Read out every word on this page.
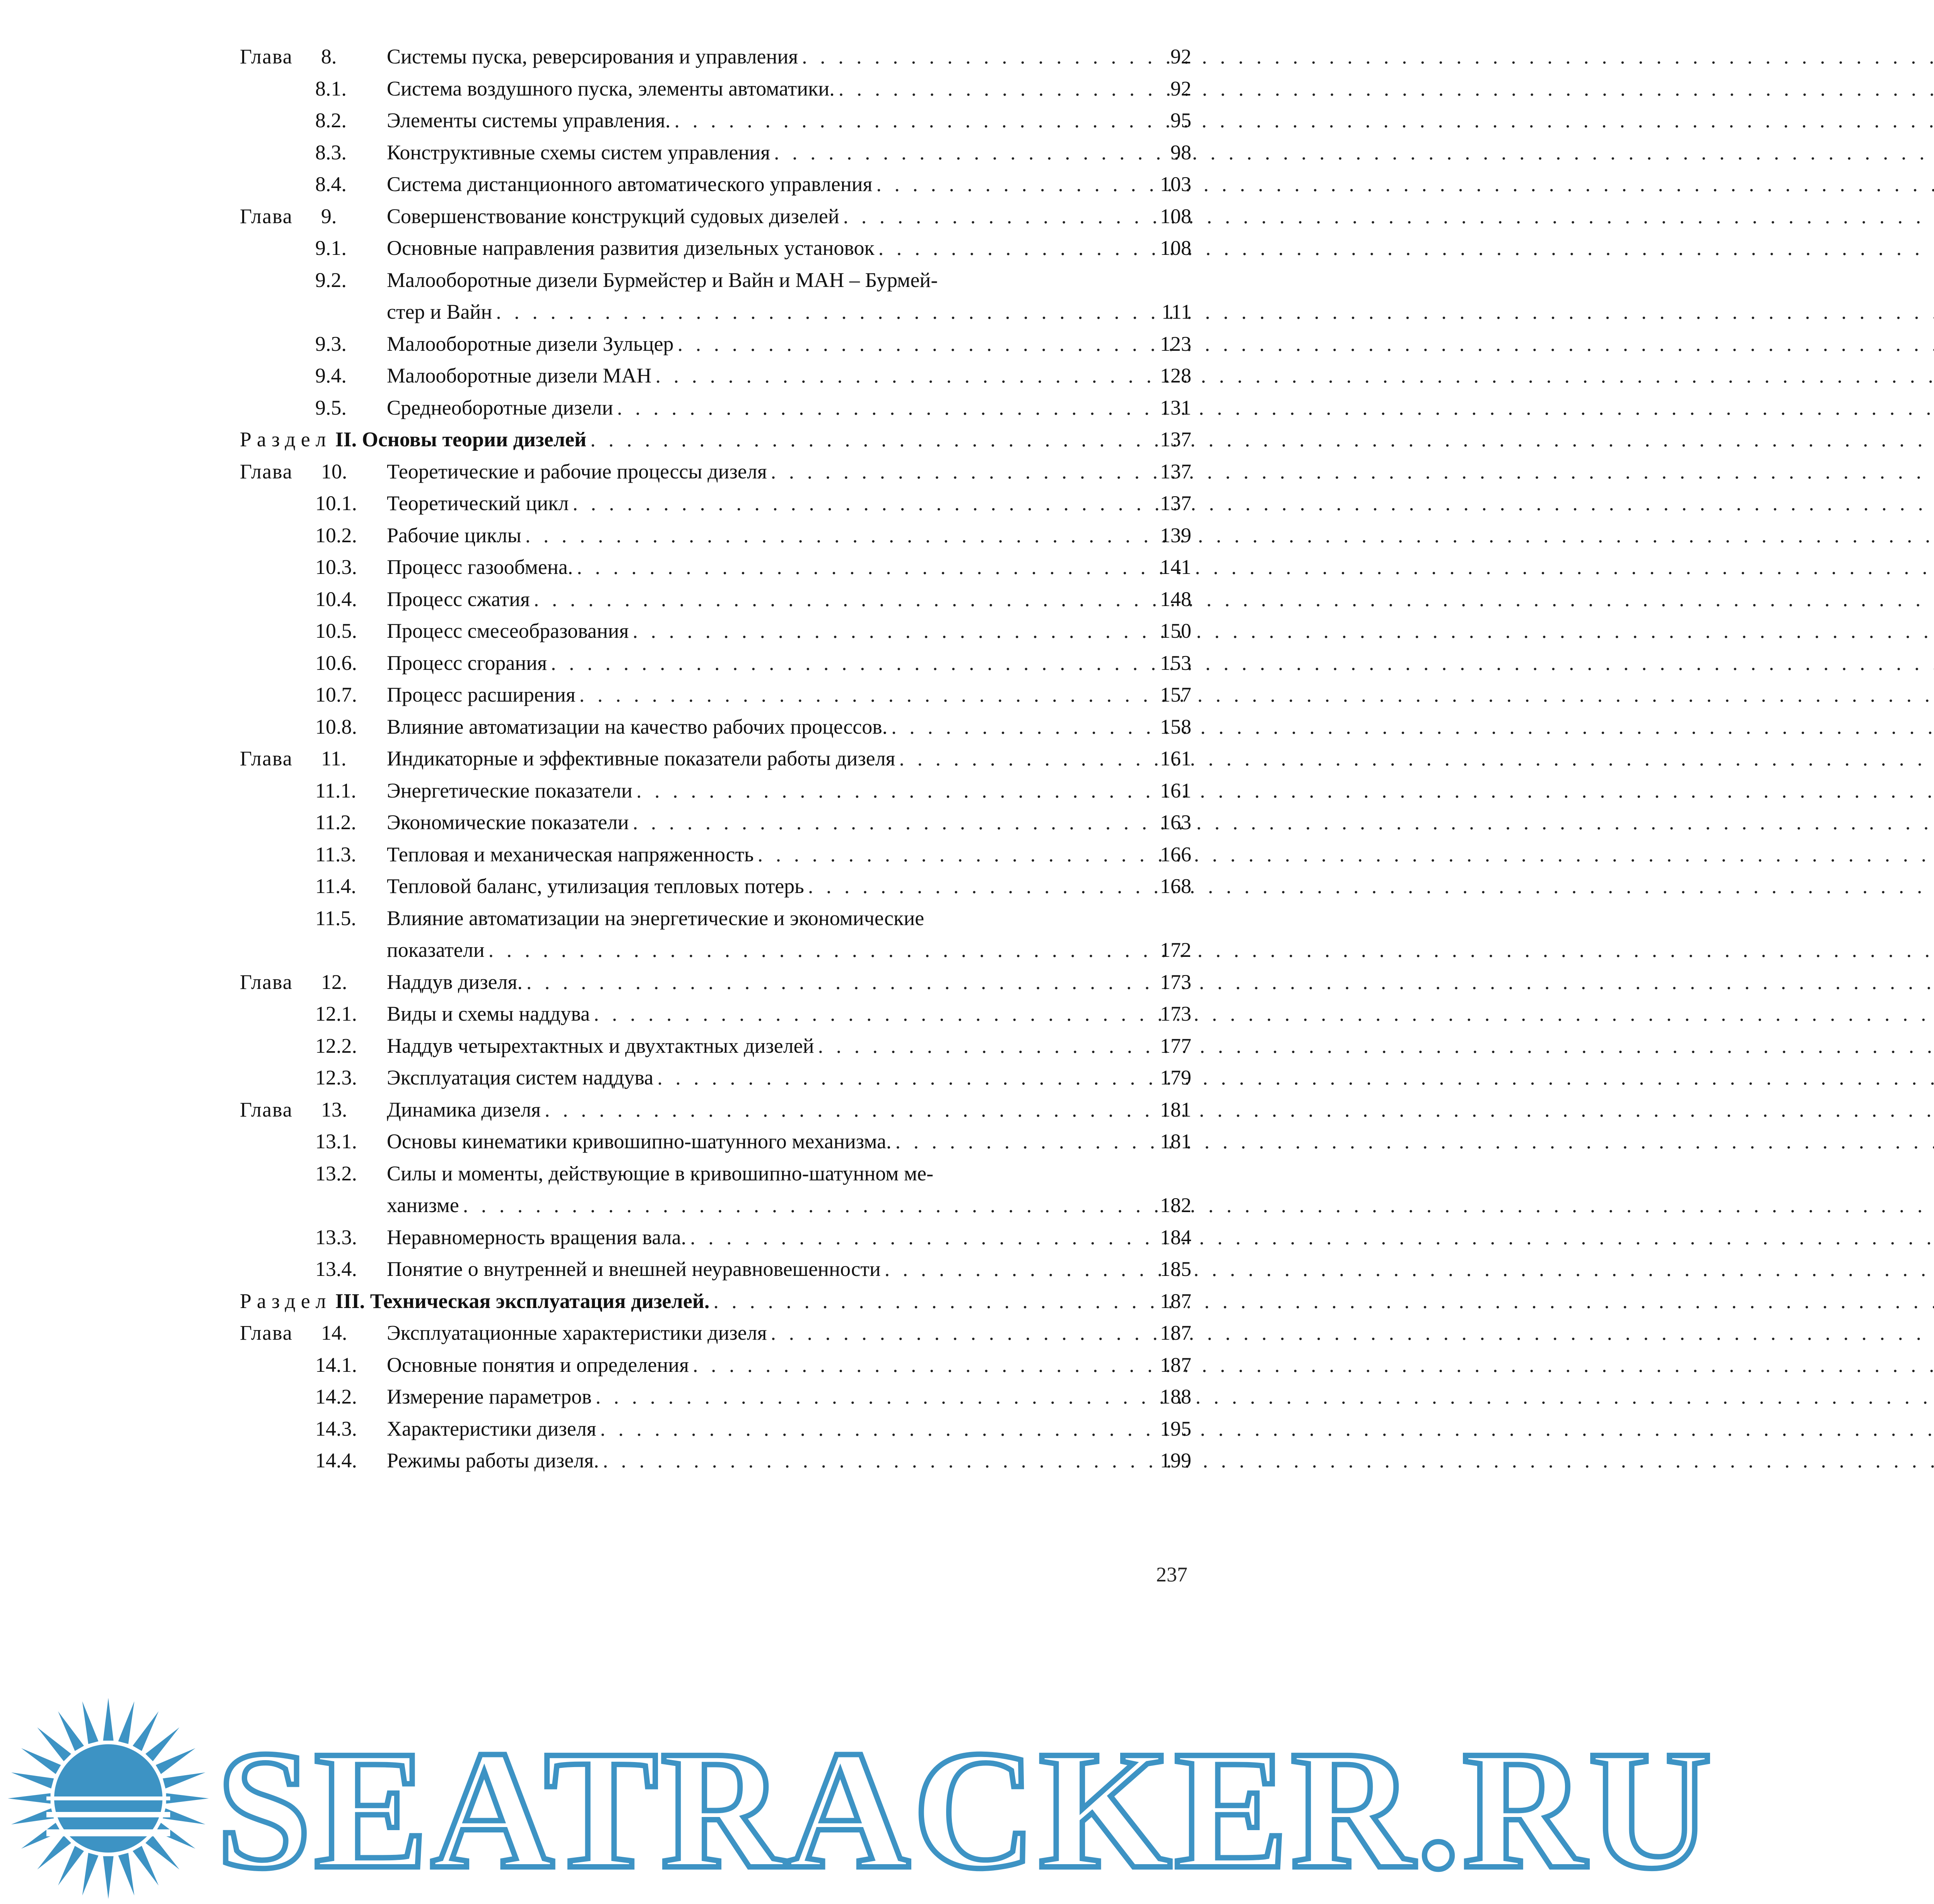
Глава 8. Системы пуска, реверсирования и управления . . .	92
8.1. Система воздушного пуска, элементы автоматики. . . .	92
8.2. Элементы системы управления. . . .	95
8.3. Конструктивные схемы систем управления . . .	98
8.4. Система дистанционного автоматического управления . . .	103
Глава 9. Совершенствование конструкций судовых дизелей . . .	108
9.1. Основные направления развития дизельных установок . . .	108
9.2. Малооборотные дизели Бурмейстер и Вайн и МАН – Бурмей-
стер и Вайн . . .	111
9.3. Малооборотные дизели Зульцер . . .	123
9.4. Малооборотные дизели МАН . . .	128
9.5. Среднеоборотные дизели . . .	131
Раздел II. Основы теории дизелей . . .	137
Глава 10. Теоретические и рабочие процессы дизеля . . .	137
10.1. Теоретический цикл . . .	137
10.2. Рабочие циклы . . .	139
10.3. Процесс газообмена. . . .	141
10.4. Процесс сжатия . . .	148
10.5. Процесс смесеобразования . . .	150
10.6. Процесс сгорания . . .	153
10.7. Процесс расширения . . .	157
10.8. Влияние автоматизации на качество рабочих процессов. . . .	158
Глава 11. Индикаторные и эффективные показатели работы дизеля . . .	161
11.1. Энергетические показатели . . .	161
11.2. Экономические показатели . . .	163
11.3. Тепловая и механическая напряженность . . .	166
11.4. Тепловой баланс, утилизация тепловых потерь . . .	168
11.5. Влияние автоматизации на энергетические и экономические
показатели . . .	172
Глава 12. Наддув дизеля. . . .	173
12.1. Виды и схемы наддува . . .	173
12.2. Наддув четырехтактных и двухтактных дизелей . . .	177
12.3. Эксплуатация систем наддува . . .	179
Глава 13. Динамика дизеля . . .	181
13.1. Основы кинематики кривошипно-шатунного механизма. . . .	181
13.2. Силы и моменты, действующие в кривошипно-шатунном ме-
ханизме . . .	182
13.3. Неравномерность вращения вала. . . .	184
13.4. Понятие о внутренней и внешней неуравновешенности . . .	185
Раздел III. Техническая эксплуатация дизелей. . . .	187
Глава 14. Эксплуатационные характеристики дизеля . . .	187
14.1. Основные понятия и определения . . .	187
14.2. Измерение параметров . . .	188
14.3. Характеристики дизеля . . .	195
14.4. Режимы работы дизеля. . . .	199
237
SEATRACKER.RU
